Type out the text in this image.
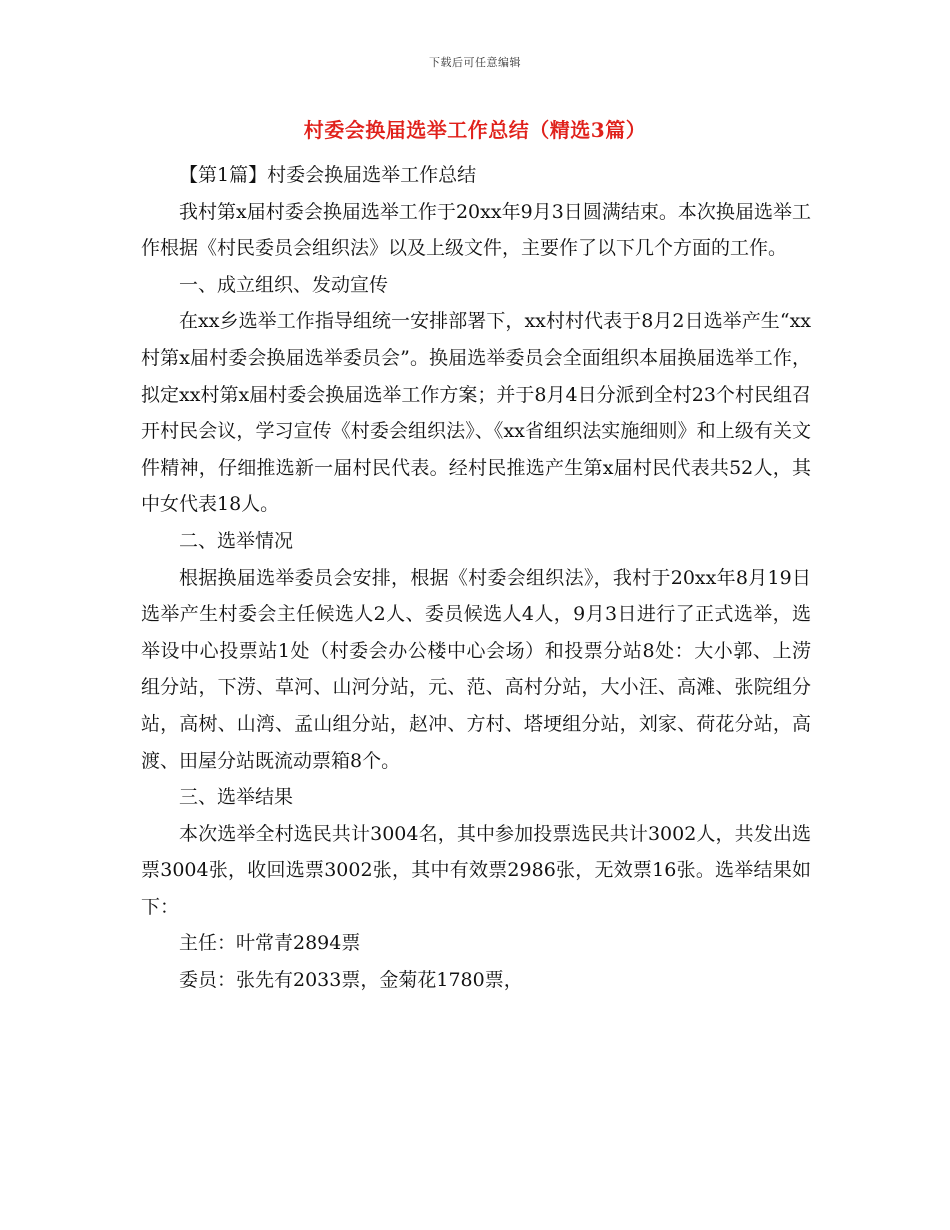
下载后可任意编辑
村委会换届选举工作总结（精选3篇）

【第1篇】村委会换届选举工作总结

我村第x届村委会换届选举工作于20xx年9月3日圆满结束。本次换届选举工作根据《村民委员会组织法》以及上级文件，主要作了以下几个方面的工作。

一、成立组织、发动宣传

在xx乡选举工作指导组统一安排部署下，xx村村代表于8月2日选举产生“xx村第x届村委会换届选举委员会”。换届选举委员会全面组织本届换届选举工作，拟定xx村第x届村委会换届选举工作方案；并于8月4日分派到全村23个村民组召开村民会议，学习宣传《村委会组织法》、《xx省组织法实施细则》和上级有关文件精神，仔细推选新一届村民代表。经村民推选产生第x届村民代表共52人，其中女代表18人。

二、选举情况

根据换届选举委员会安排，根据《村委会组织法》，我村于20xx年8月19日选举产生村委会主任候选人2人、委员候选人4人，9月3日进行了正式选举，选举设中心投票站1处（村委会办公楼中心会场）和投票分站8处：大小郭、上涝组分站，下涝、草河、山河分站，元、范、高村分站，大小汪、高滩、张院组分站，高树、山湾、孟山组分站，赵冲、方村、塔埂组分站，刘家、荷花分站，高渡、田屋分站既流动票箱8个。

三、选举结果

本次选举全村选民共计3004名，其中参加投票选民共计3002人，共发出选票3004张，收回选票3002张，其中有效票2986张，无效票16张。选举结果如下：

主任：叶常青2894票

委员：张先有2033票，金菊花1780票，
